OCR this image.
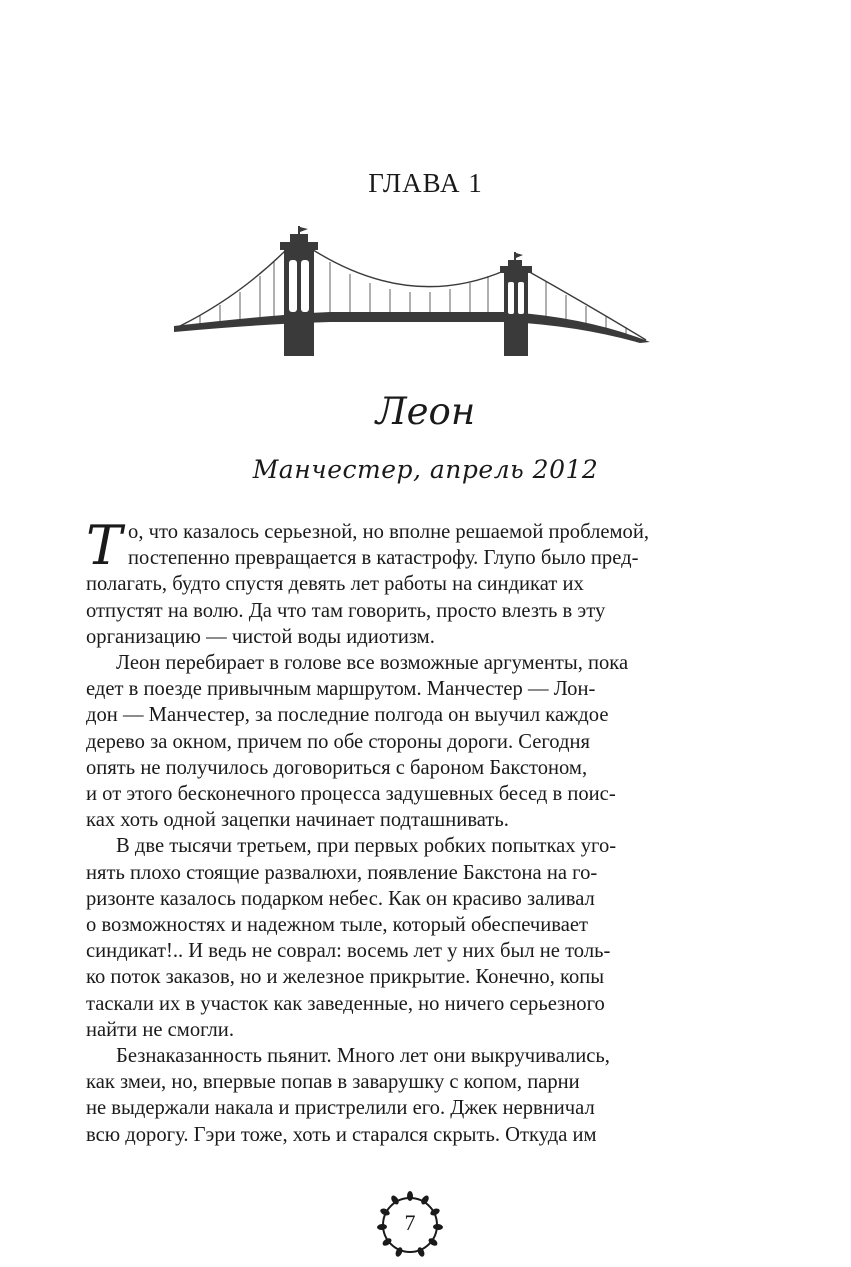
ГЛАВА 1
Леон
Манчестер, апрель 2012

То, что казалось серьезной, но вполне решаемой проблемой,
постепенно превращается в катастрофу. Глупо было пред-
полагать, будто спустя девять лет работы на синдикат их
отпустят на волю. Да что там говорить, просто влезть в эту
организацию — чистой воды идиотизм.

Леон перебирает в голове все возможные аргументы, пока
едет в поезде привычным маршрутом. Манчестер — Лон-
дон — Манчестер, за последние полгода он выучил каждое
дерево за окном, причем по обе стороны дороги. Сегодня
опять не получилось договориться с бароном Бакстоном,
и от этого бесконечного процесса задушевных бесед в поис-
ках хоть одной зацепки начинает подташнивать.

В две тысячи третьем, при первых робких попытках уго-
нять плохо стоящие развалюхи, появление Бакстона на го-
ризонте казалось подарком небес. Как он красиво заливал
о возможностях и надежном тыле, который обеспечивает
синдикат!.. И ведь не соврал: восемь лет у них был не толь-
ко поток заказов, но и железное прикрытие. Конечно, копы
таскали их в участок как заведенные, но ничего серьезного
найти не смогли.

Безнаказанность пьянит. Много лет они выкручивались,
как змеи, но, впервые попав в заварушку с копом, парни
не выдержали накала и пристрелили его. Джек нервничал
всю дорогу. Гэри тоже, хоть и старался скрыть. Откуда им

7
